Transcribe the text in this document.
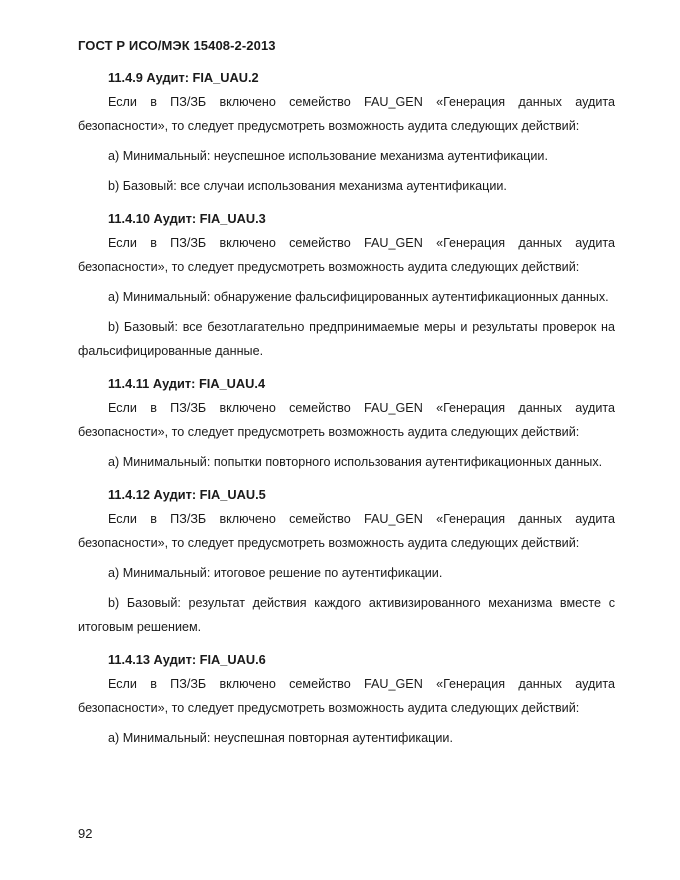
ГОСТ Р ИСО/МЭК 15408-2-2013

11.4.9 Аудит: FIA_UAU.2

Если в ПЗ/ЗБ включено семейство FAU_GEN «Генерация данных аудита безопасности», то следует предусмотреть возможность аудита следующих действий:

a) Минимальный: неуспешное использование механизма аутентификации.

b) Базовый: все случаи использования механизма аутентификации.

11.4.10 Аудит: FIA_UAU.3

Если в ПЗ/ЗБ включено семейство FAU_GEN «Генерация данных аудита безопасности», то следует предусмотреть возможность аудита следующих действий:

a) Минимальный: обнаружение фальсифицированных аутентификационных данных.

b) Базовый: все безотлагательно предпринимаемые меры и результаты проверок на фальсифицированные данные.

11.4.11 Аудит: FIA_UAU.4

Если в ПЗ/ЗБ включено семейство FAU_GEN «Генерация данных аудита безопасности», то следует предусмотреть возможность аудита следующих действий:

a) Минимальный: попытки повторного использования аутентификационных данных.

11.4.12 Аудит: FIA_UAU.5

Если в ПЗ/ЗБ включено семейство FAU_GEN «Генерация данных аудита безопасности», то следует предусмотреть возможность аудита следующих действий:

a) Минимальный: итоговое решение по аутентификации.

b) Базовый: результат действия каждого активизированного механизма вместе с итоговым решением.

11.4.13 Аудит: FIA_UAU.6

Если в ПЗ/ЗБ включено семейство FAU_GEN «Генерация данных аудита безопасности», то следует предусмотреть возможность аудита следующих действий:

a) Минимальный: неуспешная повторная аутентификации.

92
